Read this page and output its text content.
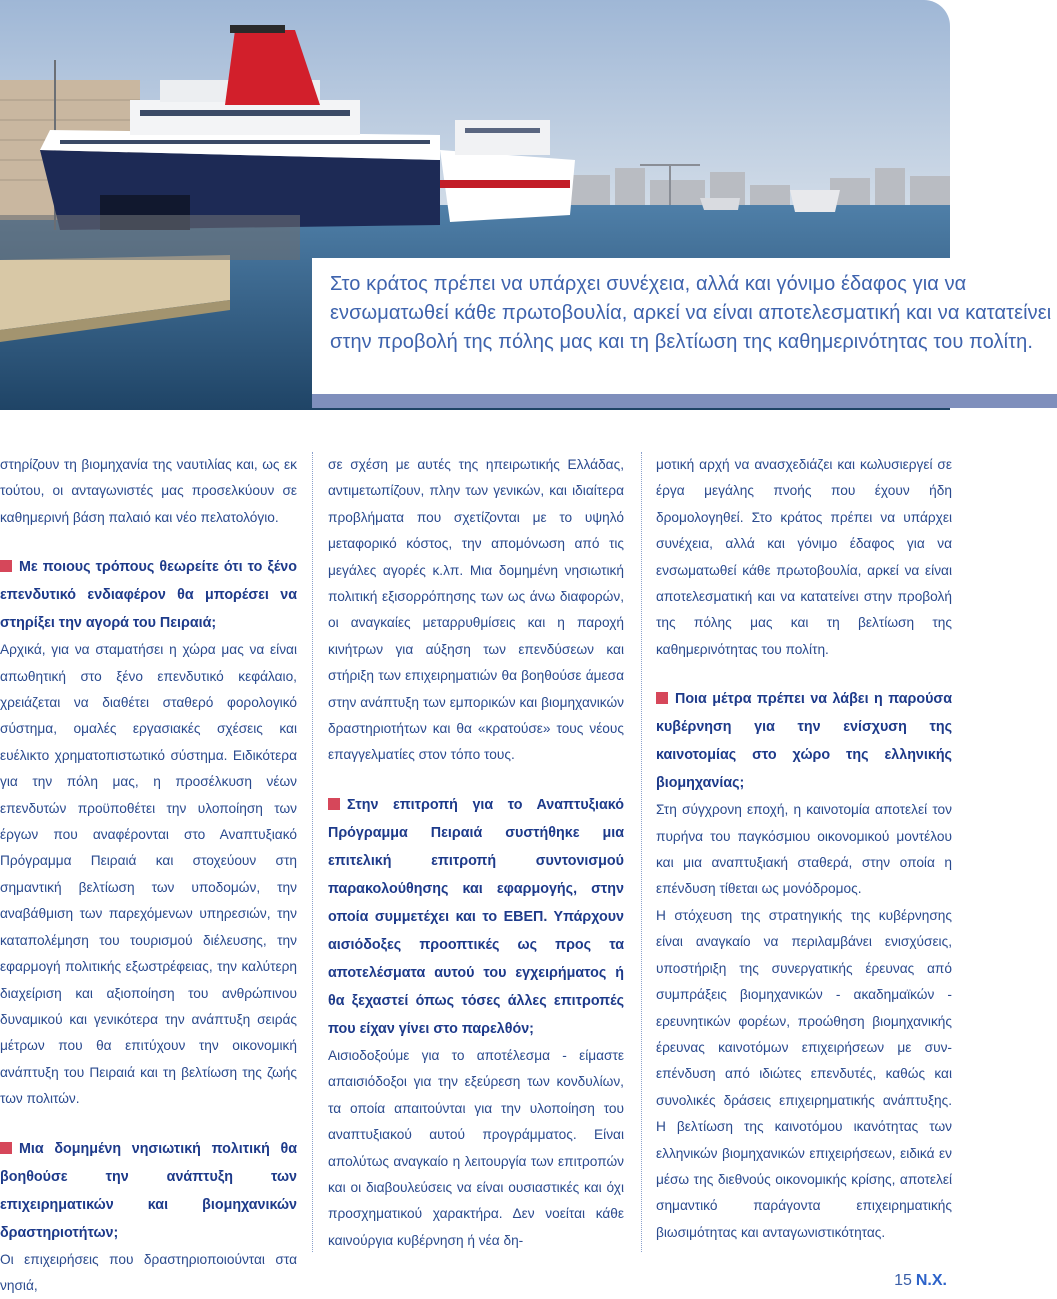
Στο κράτος πρέπει να υπάρχει συνέχεια, αλλά και γόνιμο έδαφος για να ενσωματωθεί κάθε πρωτοβουλία, αρκεί να είναι αποτελεσματική και να κατατείνει στην προβολή της πόλης μας και τη βελτίωση της καθημερινότητας του πολίτη.

στηρίζουν τη βιομηχανία της ναυτιλίας και, ως εκ τούτου, οι ανταγωνιστές μας προσελκύουν σε καθημερινή βάση παλαιό και νέο πελατολόγιο.

Με ποιους τρόπους θεωρείτε ότι το ξένο επενδυτικό ενδιαφέρον θα μπορέσει να στηρίξει την αγορά του Πειραιά;

Αρχικά, για να σταματήσει η χώρα μας να είναι απωθητική στο ξένο επενδυτικό κεφάλαιο, χρειάζεται να διαθέτει σταθερό φορολογικό σύστημα, ομαλές εργασιακές σχέσεις και ευέλικτο χρηματοπιστωτικό σύστημα. Ειδικότερα για την πόλη μας, η προσέλκυση νέων επενδυτών προϋποθέτει την υλοποίηση των έργων που αναφέρονται στο Αναπτυξιακό Πρόγραμμα Πειραιά και στοχεύουν στη σημαντική βελτίωση των υποδομών, την αναβάθμιση των παρεχόμενων υπηρεσιών, την καταπολέμηση του τουρισμού διέλευσης, την εφαρμογή πολιτικής εξωστρέφειας, την καλύτερη διαχείριση και αξιοποίηση του ανθρώπινου δυναμικού και γενικότερα την ανάπτυξη σειράς μέτρων που θα επιτύχουν την οικονομική ανάπτυξη του Πειραιά και τη βελτίωση της ζωής των πολιτών.

Μια δομημένη νησιωτική πολιτική θα βοηθούσε την ανάπτυξη των επιχειρηματικών και βιομηχανικών δραστηριοτήτων;

Οι επιχειρήσεις που δραστηριοποιούνται στα νησιά,

σε σχέση με αυτές της ηπειρωτικής Ελλάδας, αντιμετωπίζουν, πλην των γενικών, και ιδιαίτερα προβλήματα που σχετίζονται με το υψηλό μεταφορικό κόστος, την απομόνωση από τις μεγάλες αγορές κ.λπ. Μια δομημένη νησιωτική πολιτική εξισορρόπησης των ως άνω διαφορών, οι αναγκαίες μεταρρυθμίσεις και η παροχή κινήτρων για αύξηση των επενδύσεων και στήριξη των επιχειρηματιών θα βοηθούσε άμεσα στην ανάπτυξη των εμπορικών και βιομηχανικών δραστηριοτήτων και θα «κρατούσε» τους νέους επαγγελματίες στον τόπο τους.

Στην επιτροπή για το Αναπτυξιακό Πρόγραμμα Πειραιά συστήθηκε μια επιτελική επιτροπή συντονισμού παρακολούθησης και εφαρμογής, στην οποία συμμετέχει και το ΕΒΕΠ. Υπάρχουν αισιόδοξες προοπτικές ως προς τα αποτελέσματα αυτού του εγχειρήματος ή θα ξεχαστεί όπως τόσες άλλες επιτροπές που είχαν γίνει στο παρελθόν;

Αισιοδοξούμε για το αποτέλεσμα - είμαστε απαισιόδοξοι για την εξεύρεση των κονδυλίων, τα οποία απαιτούνται για την υλοποίηση του αναπτυξιακού αυτού προγράμματος. Είναι απολύτως αναγκαίο η λειτουργία των επιτροπών και οι διαβουλεύσεις να είναι ουσιαστικές και όχι προσχηματικού χαρακτήρα. Δεν νοείται κάθε καινούργια κυβέρνηση ή νέα δη-

μοτική αρχή να ανασχεδιάζει και κωλυσιεργεί σε έργα μεγάλης πνοής που έχουν ήδη δρομολογηθεί. Στο κράτος πρέπει να υπάρχει συνέχεια, αλλά και γόνιμο έδαφος για να ενσωματωθεί κάθε πρωτοβουλία, αρκεί να είναι αποτελεσματική και να κατατείνει στην προβολή της πόλης μας και τη βελτίωση της καθημερινότητας του πολίτη.

Ποια μέτρα πρέπει να λάβει η παρούσα κυβέρνηση για την ενίσχυση της καινοτομίας στο χώρο της ελληνικής βιομηχανίας;

Στη σύγχρονη εποχή, η καινοτομία αποτελεί τον πυρήνα του παγκόσμιου οικονομικού μοντέλου και μια αναπτυξιακή σταθερά, στην οποία η επένδυση τίθεται ως μονόδρομος.

Η στόχευση της στρατηγικής της κυβέρνησης είναι αναγκαίο να περιλαμβάνει ενισχύσεις, υποστήριξη της συνεργατικής έρευνας από συμπράξεις βιομηχανικών - ακαδημαϊκών - ερευνητικών φορέων, προώθηση βιομηχανικής έρευνας καινοτόμων επιχειρήσεων με συν-επένδυση από ιδιώτες επενδυτές, καθώς και συνολικές δράσεις επιχειρηματικής ανάπτυξης. Η βελτίωση της καινοτόμου ικανότητας των ελληνικών βιομηχανικών επιχειρήσεων, ειδικά εν μέσω της διεθνούς οικονομικής κρίσης, αποτελεί σημαντικό παράγοντα επιχειρηματικής βιωσιμότητας και ανταγωνιστικότητας.

15 N.X.
